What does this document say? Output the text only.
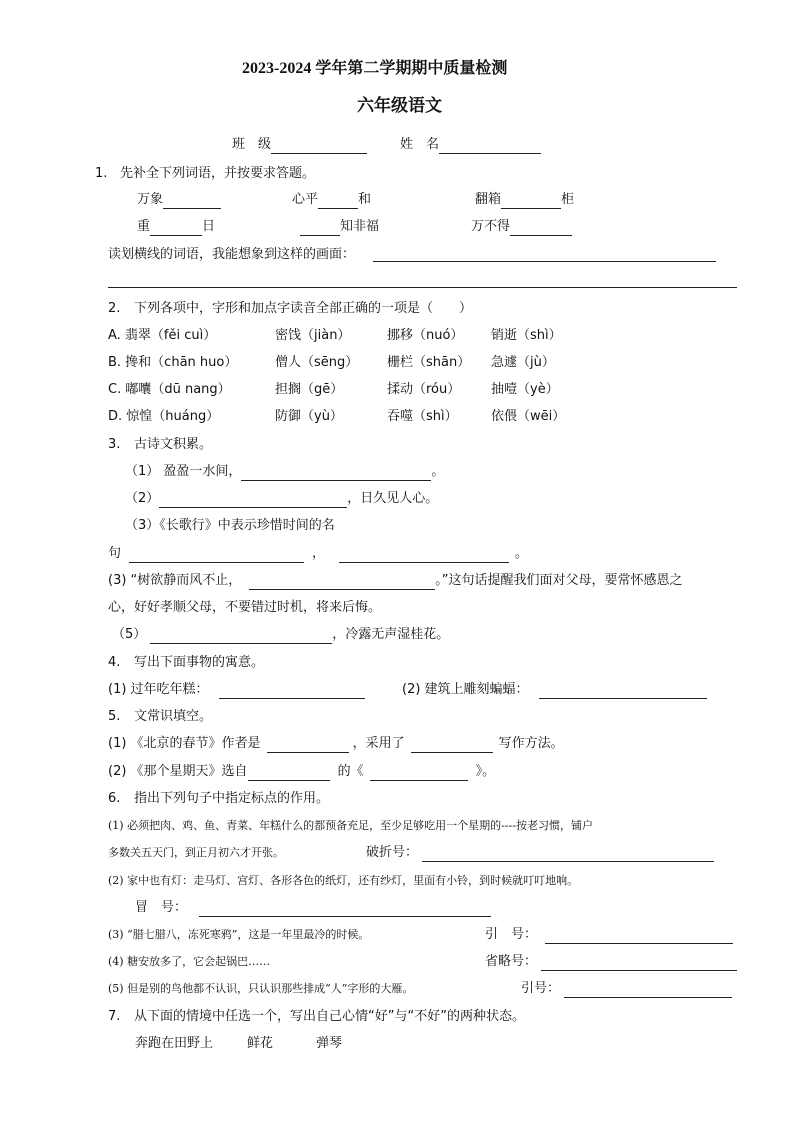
2023-2024 学年第二学期期中质量检测
六年级语文
班　级	姓　名
1. 先补全下列词语，并按要求答题。
万象	心平	和	翻箱	柜
重	日	知非福	万不得
读划横线的词语，我能想象到这样的画面：
2. 下列各项中，字形和加点字读音全部正确的一项是（　　）
A. 翡翠（fěi cuì）	密饯（jiàn）	挪移（nuó） 销逝（shì）
B. 搀和（chān huo）	僧人（sēng） 栅栏（shān） 急遽（jù）
C. 嘟囔（dū nang）	担搁（gē）	揉动（róu） 抽噎（yè）
D. 惊惶（huáng）	防御（yù）	吞噬（shì）	依偎（wēi）
3. 古诗文积累。
（1） 盈盈一水间，	。
（2）	，日久见人心。
（3）《长歌行》中表示珍惜时间的名
句	，	。
(3) “树欲静而风不止，	。”这句话提醒我们面对父母，要常怀感恩之
心，好好孝顺父母，不要错过时机，将来后悔。
（5）	，冷露无声湿桂花。
4. 写出下面事物的寓意。
(1) 过年吃年糕：	(2) 建筑上雕刻蝙蝠：
5. 文常识填空。
(1) 《北京的春节》作者是	，采用了	写作方法。
(2) 《那个星期天》选自	的《	》。
6. 指出下列句子中指定标点的作用。
(1) 必须把肉、鸡、鱼、青菜、年糕什么的都预备充足，至少足够吃用一个星期的----按老习惯，铺户
多数关五天门，到正月初六才开张。	破折号：
(2) 家中也有灯：走马灯、宫灯、各形各色的纸灯，还有纱灯，里面有小铃，到时候就叮叮地响。
冒　号：
(3) “腊七腊八，冻死寒鸦”，这是一年里最冷的时候。	引　号：
(4) 糖安放多了，它会起锅巴……	省略号：
(5) 但是别的鸟他都不认识，只认识那些排成“人”字形的大雁。	引号：
7. 从下面的情境中任选一个，写出自己心情“好”与“不好”的两种状态。
奔跑在田野上	鲜花	弹琴
